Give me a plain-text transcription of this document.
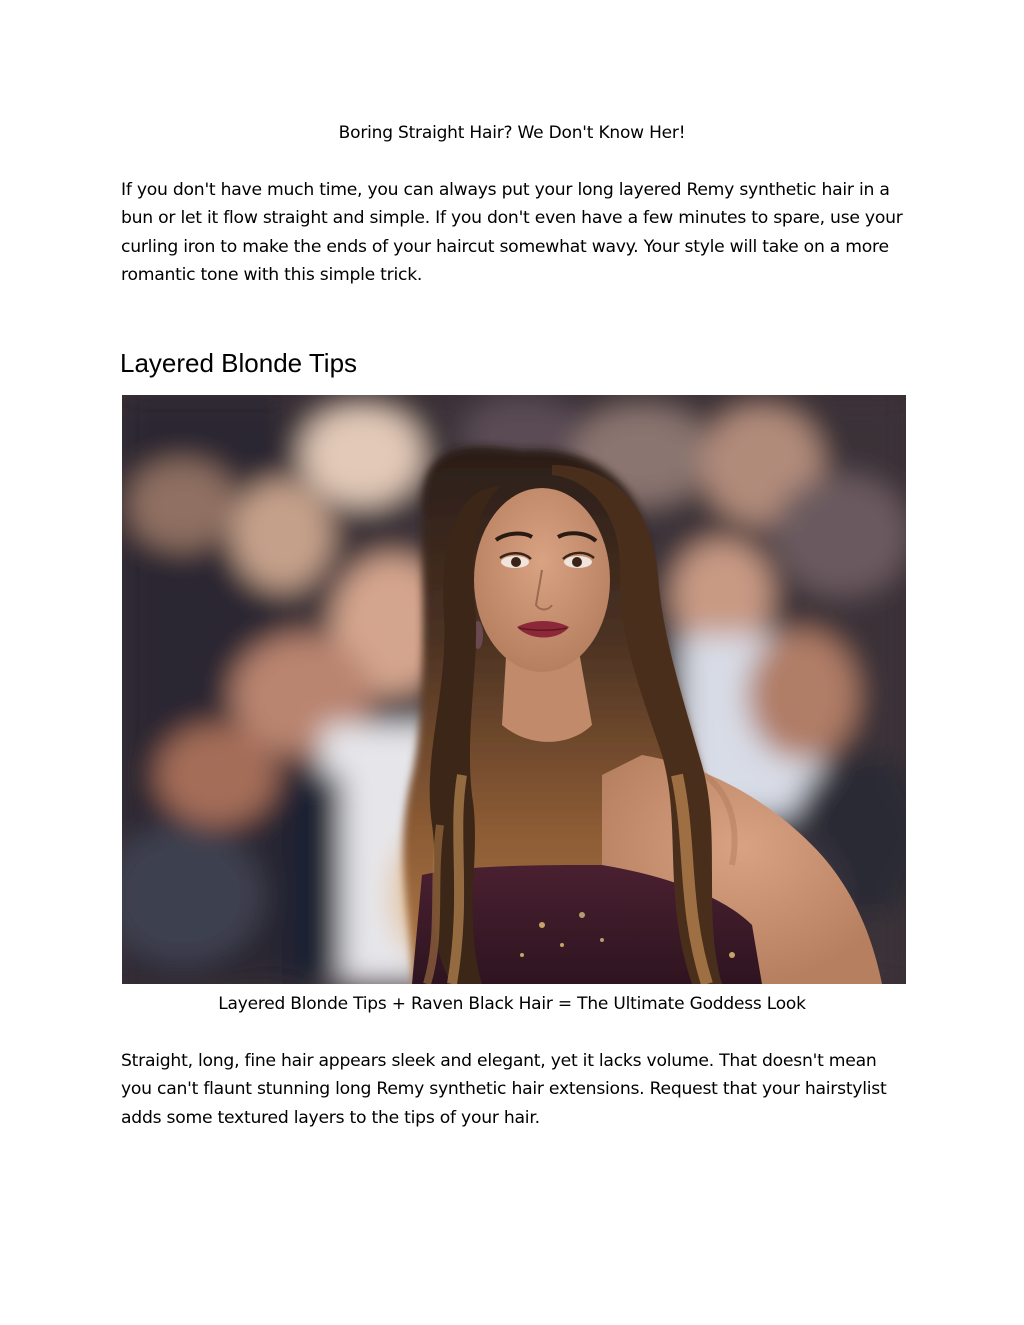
Boring Straight Hair? We Don't Know Her!

If you don't have much time, you can always put your long layered Remy synthetic hair in a bun or let it flow straight and simple. If you don't even have a few minutes to spare, use your curling iron to make the ends of your haircut somewhat wavy. Your style will take on a more romantic tone with this simple trick.

Layered Blonde Tips
Layered Blonde Tips + Raven Black Hair = The Ultimate Goddess Look

Straight, long, fine hair appears sleek and elegant, yet it lacks volume. That doesn't mean you can't flaunt stunning long Remy synthetic hair extensions. Request that your hairstylist adds some textured layers to the tips of your hair.
